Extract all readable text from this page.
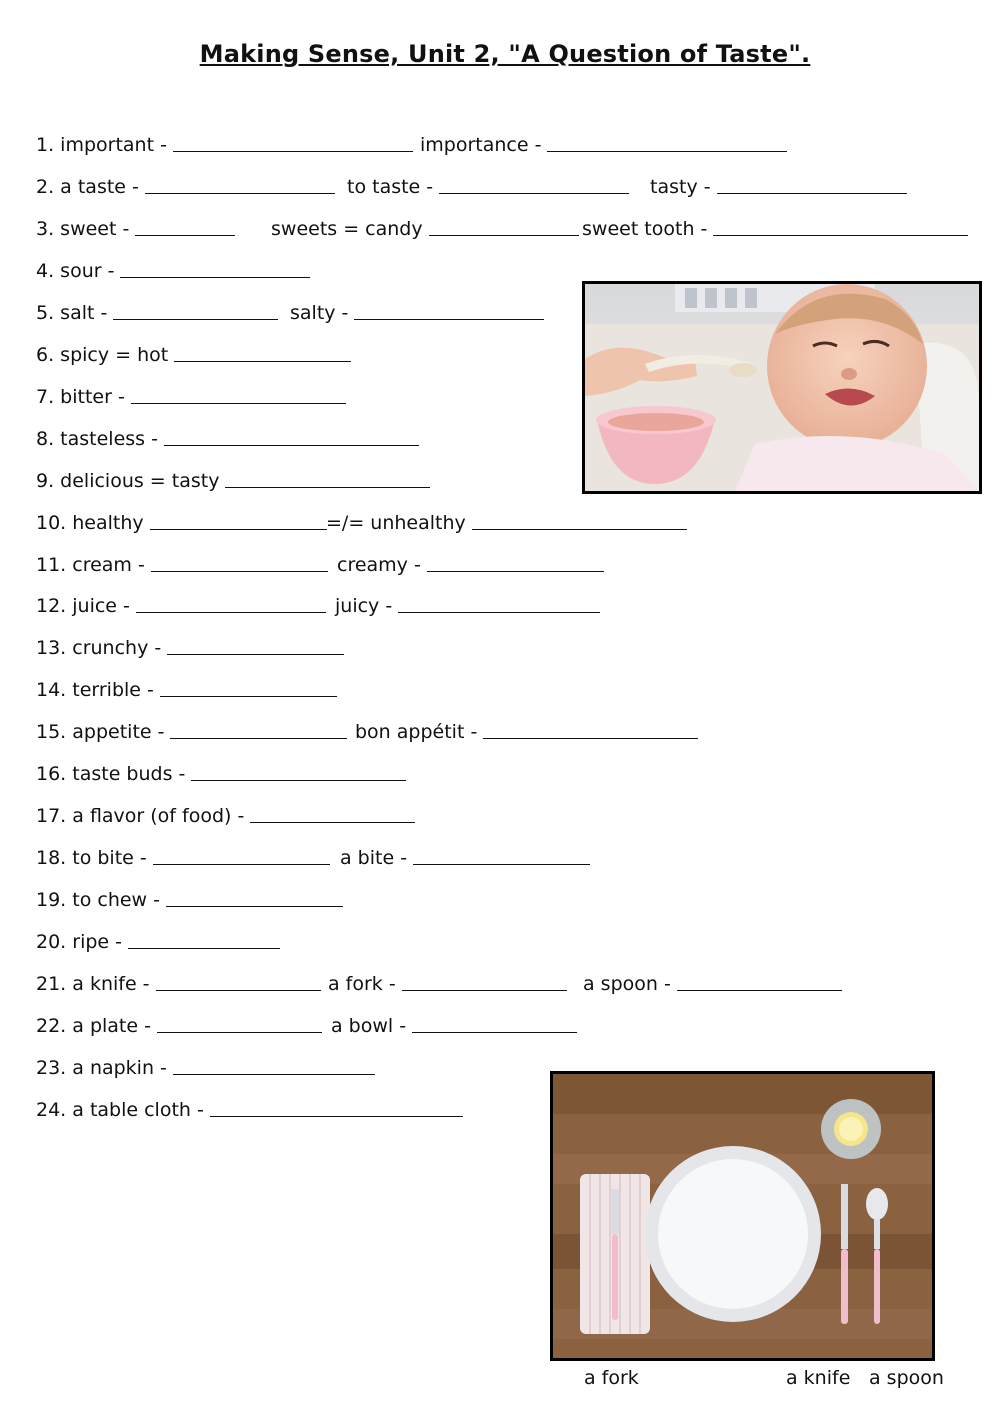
Making Sense, Unit 2, "A Question of Taste".
1. important -	importance -
2. a taste -	to taste -	tasty -
3. sweet -	sweets = candy	sweet tooth -
4. sour -
5. salt -	salty -
6. spicy = hot
7. bitter -
8. tasteless -
9. delicious = tasty
10. healthy	=/= unhealthy
11. cream -	creamy -
12. juice -	juicy -
13. crunchy -
14. terrible -
15. appetite -	bon appétit -
16. taste buds -
17. a flavor (of food) -
18. to bite -	a bite -
19. to chew -
20. ripe -
21. a knife -	a fork -	a spoon -
22. a plate -	a bowl -
23. a napkin -
24. a table cloth -
a fork	a knife a spoon
